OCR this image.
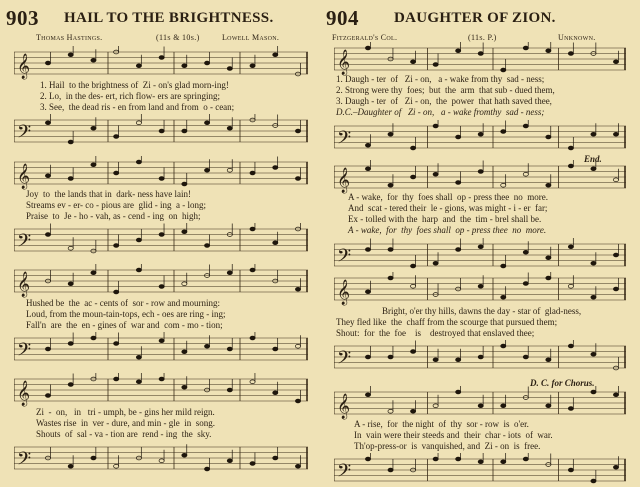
903 HAIL TO THE BRIGHTNESS.
Thomas Hastings.	(11s & 10s.)	Lowell Mason.
𝄞
1. Hail  to the brightness of  Zi - on's glad morn-ing!
2. Lo,  in the des- ert, rich flow- ers are springing;
3. See,  the dead ris - en from land and from  o - cean;
𝄢
𝄞
Joy  to  the lands that in  dark- ness have lain!
Streams ev - er- co - pious are  glid - ing  a - long;
Praise  to  Je - ho - vah, as - cend - ing  on  high;
𝄢
𝄞
Hushed be  the  ac - cents of  sor - row and mourning:
Loud, from the moun-tain-tops, ech - oes are ring - ing;
Fall'n  are  the  en - gines of  war and  com - mo - tion;
𝄢
𝄞
Zi  -  on,   in   tri - umph, be - gins her mild reign.
Wastes rise  in  ver - dure, and min - gle  in  song.
Shouts  of  sal - va - tion are  rend - ing  the  sky.
𝄢
904 DAUGHTER OF ZION.
Fitzgerald's Col.	(11s. P.)	Unknown.
𝄞
1. Daugh - ter  of   Zi - on,   a - wake from thy  sad - ness;
2. Strong were thy  foes;  but  the  arm  that sub - dued them,
3. Daugh - ter  of   Zi - on,  the  power  that hath saved thee,
D.C.–Daughter of   Zi - on,   a - wake fromthy  sad - ness;
𝄢
End.
𝄞
A - wake,  for  thy  foes shall  op - press thee  no  more.
And  scat - tered their  le - gions, was might - i - er  far;
Ex - tolled with the  harp  and  the  tim - brel shall be.
A - wake,  for  thy  foes shall  op - press thee  no  more.
𝄢
𝄞
Bright, o'er thy hills, dawns the day - star of  glad-ness,
They fled like  the  chaff from the scourge that pursued them;
Shout:  for  the  foe    is    destroyed that enslaved thee;
𝄢
D. C. for Chorus.
𝄞
A - rise,  for  the night  of  thy  sor - row  is  o'er.
In  vain were their steeds and  their  char - iots  of  war.
Th'op-press-or  is  vanquished, and  Zi - on  is  free.
𝄢
